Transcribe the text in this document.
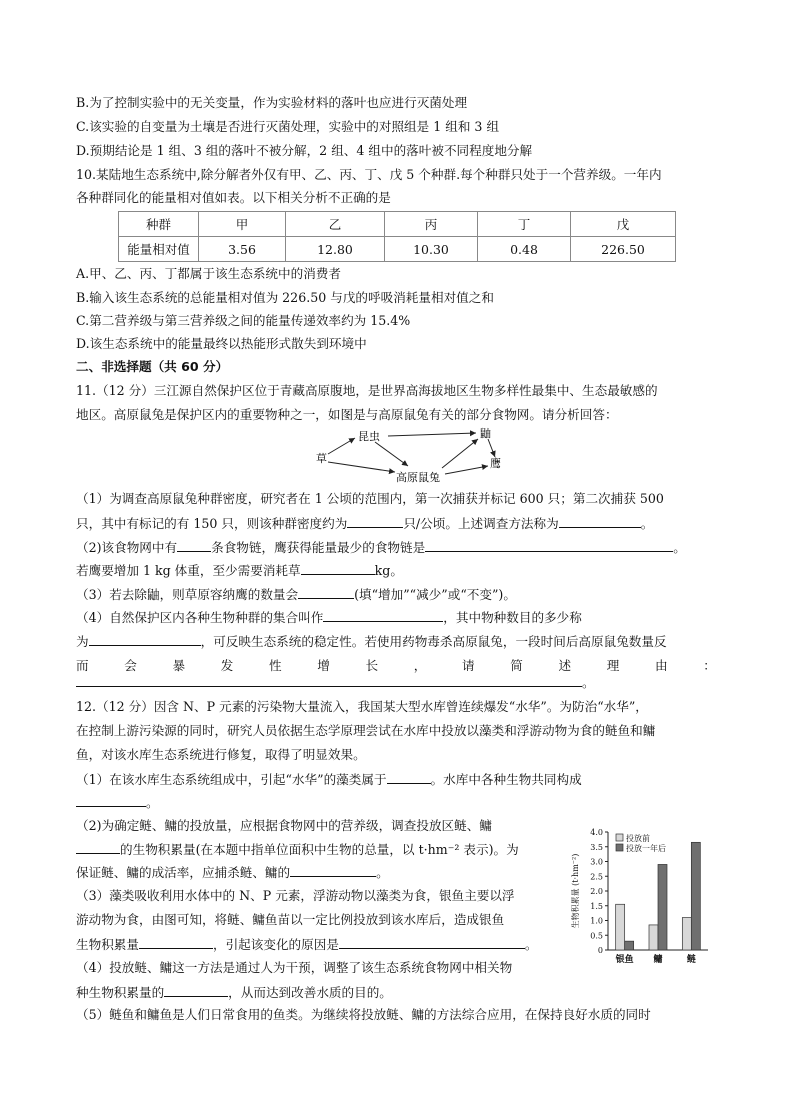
B.为了控制实验中的无关变量，作为实验材料的落叶也应进行灭菌处理
C.该实验的自变量为土壤是否进行灭菌处理，实验中的对照组是 1 组和 3 组
D.预期结论是 1 组、3 组的落叶不被分解，2 组、4 组中的落叶被不同程度地分解
10.某陆地生态系统中,除分解者外仅有甲、乙、丙、丁、戊 5 个种群.每个种群只处于一个营养级。一年内
各种群同化的能量相对值如表。以下相关分析不正确的是
种群	甲	乙	丙	丁	戊
能量相对值	3.56	12.80	10.30	0.48	226.50
A.甲、乙、丙、丁都属于该生态系统中的消费者
B.输入该生态系统的总能量相对值为 226.50 与戊的呼吸消耗量相对值之和
C.第二营养级与第三营养级之间的能量传递效率约为 15.4%
D.该生态系统中的能量最终以热能形式散失到环境中
二、非选择题（共 60 分）
11.（12 分）三江源自然保护区位于青藏高原腹地，是世界高海拔地区生物多样性最集中、生态最敏感的
地区。高原鼠兔是保护区内的重要物种之一，如图是与高原鼠兔有关的部分食物网。请分析回答：
草
昆虫	鼬
高原鼠兔
鹰
（1）为调查高原鼠兔种群密度，研究者在 1 公顷的范围内，第一次捕获并标记 600 只；第二次捕获 500
只，其中有标记的有 150 只，则该种群密度约为	只/公顷。上述调查方法称为	。
（2)该食物网中有	条食物链，鹰获得能量最少的食物链是	。
若鹰要增加 1 kg 体重，至少需要消耗草	kg。
（3）若去除鼬，则草原容纳鹰的数量会	(填“增加”“减少”或“不变”)。
（4）自然保护区内各种生物种群的集合叫作	，其中物种数目的多少称
为	，可反映生态系统的稳定性。若使用药物毒杀高原鼠兔，一段时间后高原鼠兔数量反
而	会	暴	发	性	增	长	，	请	简	述	理	由	：
。
12.（12 分）因含 N、P 元素的污染物大量流入，我国某大型水库曾连续爆发“水华”。为防治“水华”，
在控制上游污染源的同时，研究人员依据生态学原理尝试在水库中投放以藻类和浮游动物为食的鲢鱼和鳙
鱼，对该水库生态系统进行修复，取得了明显效果。
（1）在该水库生态系统组成中，引起“水华”的藻类属于	。水库中各种生物共同构成
。
（2)为确定鲢、鳙的投放量，应根据食物网中的营养级，调查投放区鲢、鳙
的生物积累量(在本题中指单位面积中生物的总量，以 t·hm⁻² 表示)。为
保证鲢、鳙的成活率，应捕杀鲢、鳙的	。
（3）藻类吸收利用水体中的 N、P 元素，浮游动物以藻类为食，银鱼主要以浮
游动物为食，由图可知，将鲢、鳙鱼苗以一定比例投放到该水库后，造成银鱼
生物积累量	，引起该变化的原因是	。
（4）投放鲢、鳙这一方法是通过人为干预，调整了该生态系统食物网中相关物
种生物积累量的	，从而达到改善水质的目的。
（5）鲢鱼和鳙鱼是人们日常食用的鱼类。为继续将投放鲢、鳙的方法综合应用，在保持良好水质的同时
0
0.5
1.0
1.5
2.0
2.5
3.0
3.5
4.0
生物积累量 (t·hm⁻²)
银鱼 鳙	鲢
投放前
投放一年后
